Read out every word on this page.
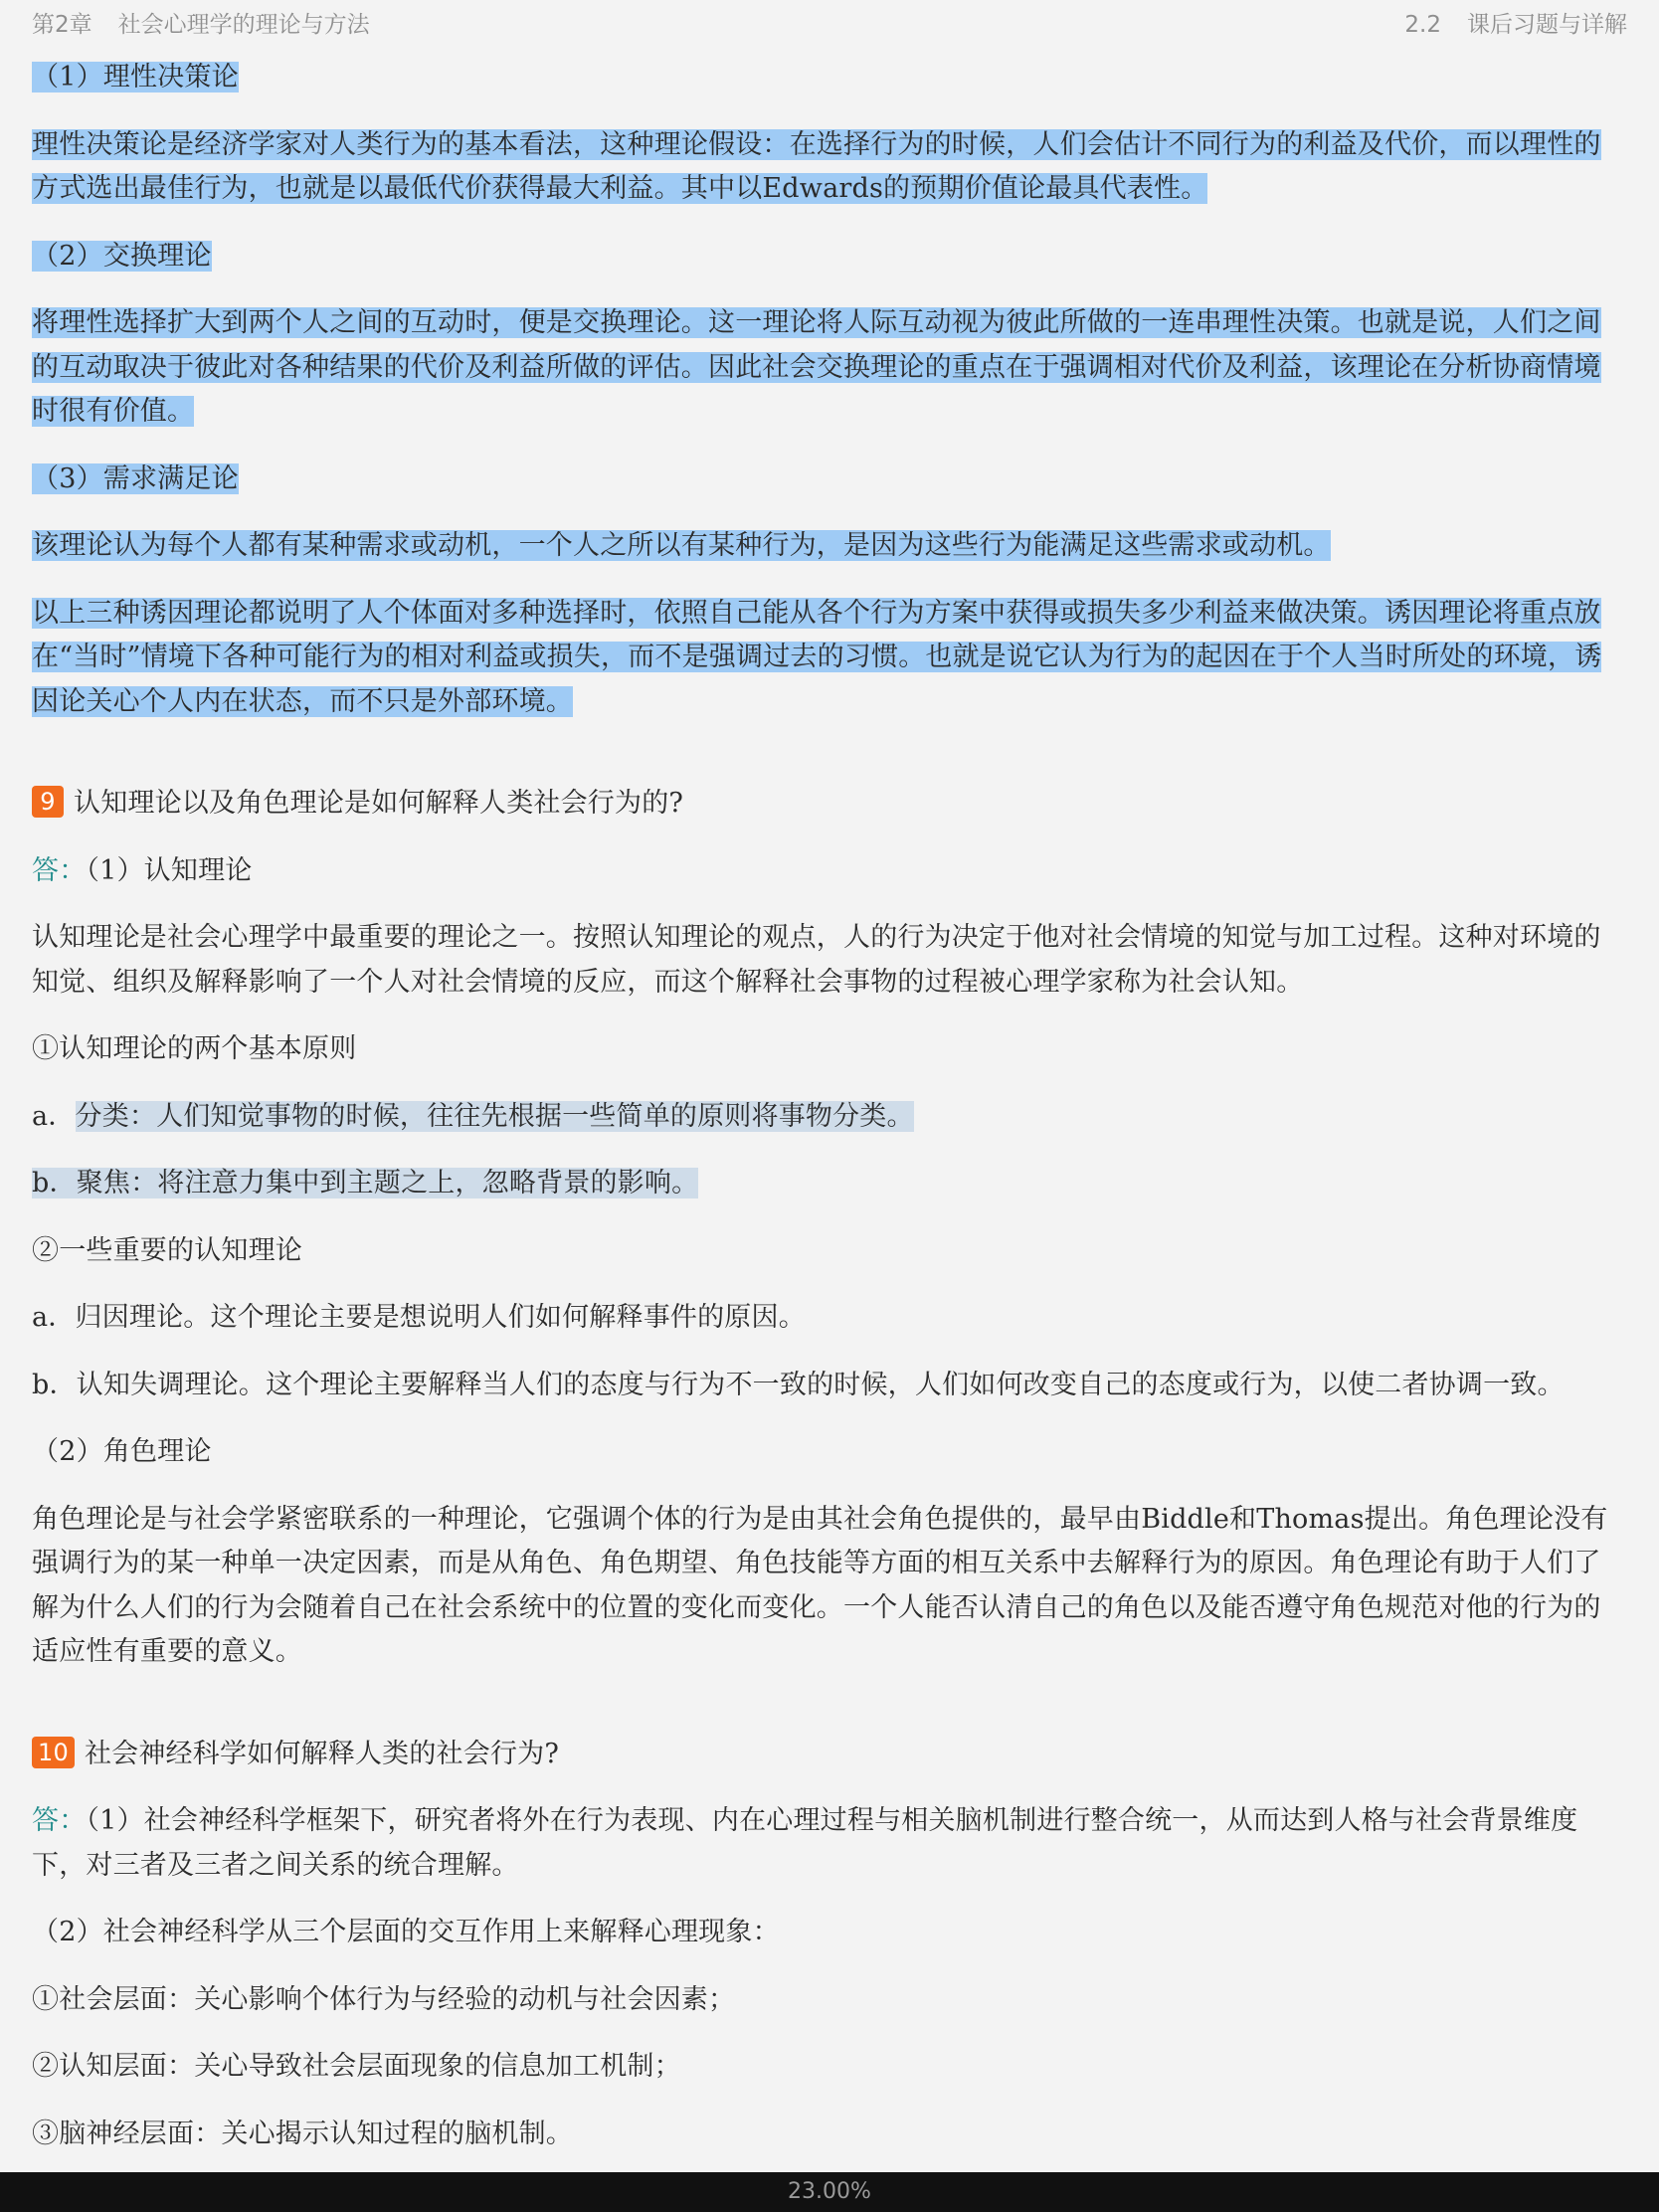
第2章 社会心理学的理论与方法	2.2 课后习题与详解

（1）理性决策论

理性决策论是经济学家对人类行为的基本看法，这种理论假设：在选择行为的时候，人们会估计不同行为的利益及代价，而以理性的方式选出最佳行为，也就是以最低代价获得最大利益。其中以Edwards的预期价值论最具代表性。

（2）交换理论

将理性选择扩大到两个人之间的互动时，便是交换理论。这一理论将人际互动视为彼此所做的一连串理性决策。也就是说，人们之间的互动取决于彼此对各种结果的代价及利益所做的评估。因此社会交换理论的重点在于强调相对代价及利益，该理论在分析协商情境时很有价值。

（3）需求满足论

该理论认为每个人都有某种需求或动机，一个人之所以有某种行为，是因为这些行为能满足这些需求或动机。

以上三种诱因理论都说明了人个体面对多种选择时，依照自己能从各个行为方案中获得或损失多少利益来做决策。诱因理论将重点放在“当时”情境下各种可能行为的相对利益或损失，而不是强调过去的习惯。也就是说它认为行为的起因在于个人当时所处的环境，诱因论关心个人内在状态，而不只是外部环境。

9 认知理论以及角色理论是如何解释人类社会行为的?

答：（1）认知理论

认知理论是社会心理学中最重要的理论之一。按照认知理论的观点，人的行为决定于他对社会情境的知觉与加工过程。这种对环境的知觉、组织及解释影响了一个人对社会情境的反应，而这个解释社会事物的过程被心理学家称为社会认知。

①认知理论的两个基本原则

a．分类：人们知觉事物的时候，往往先根据一些简单的原则将事物分类。

b．聚焦：将注意力集中到主题之上，忽略背景的影响。

②一些重要的认知理论

a．归因理论。这个理论主要是想说明人们如何解释事件的原因。

b．认知失调理论。这个理论主要解释当人们的态度与行为不一致的时候，人们如何改变自己的态度或行为，以使二者协调一致。

（2）角色理论

角色理论是与社会学紧密联系的一种理论，它强调个体的行为是由其社会角色提供的，最早由Biddle和Thomas提出。角色理论没有强调行为的某一种单一决定因素，而是从角色、角色期望、角色技能等方面的相互关系中去解释行为的原因。角色理论有助于人们了解为什么人们的行为会随着自己在社会系统中的位置的变化而变化。一个人能否认清自己的角色以及能否遵守角色规范对他的行为的适应性有重要的意义。

10 社会神经科学如何解释人类的社会行为?

答：（1）社会神经科学框架下，研究者将外在行为表现、内在心理过程与相关脑机制进行整合统一，从而达到人格与社会背景维度下，对三者及三者之间关系的统合理解。

（2）社会神经科学从三个层面的交互作用上来解释心理现象：

①社会层面：关心影响个体行为与经验的动机与社会因素；

②认知层面：关心导致社会层面现象的信息加工机制；

③脑神经层面：关心揭示认知过程的脑机制。

23.00%
